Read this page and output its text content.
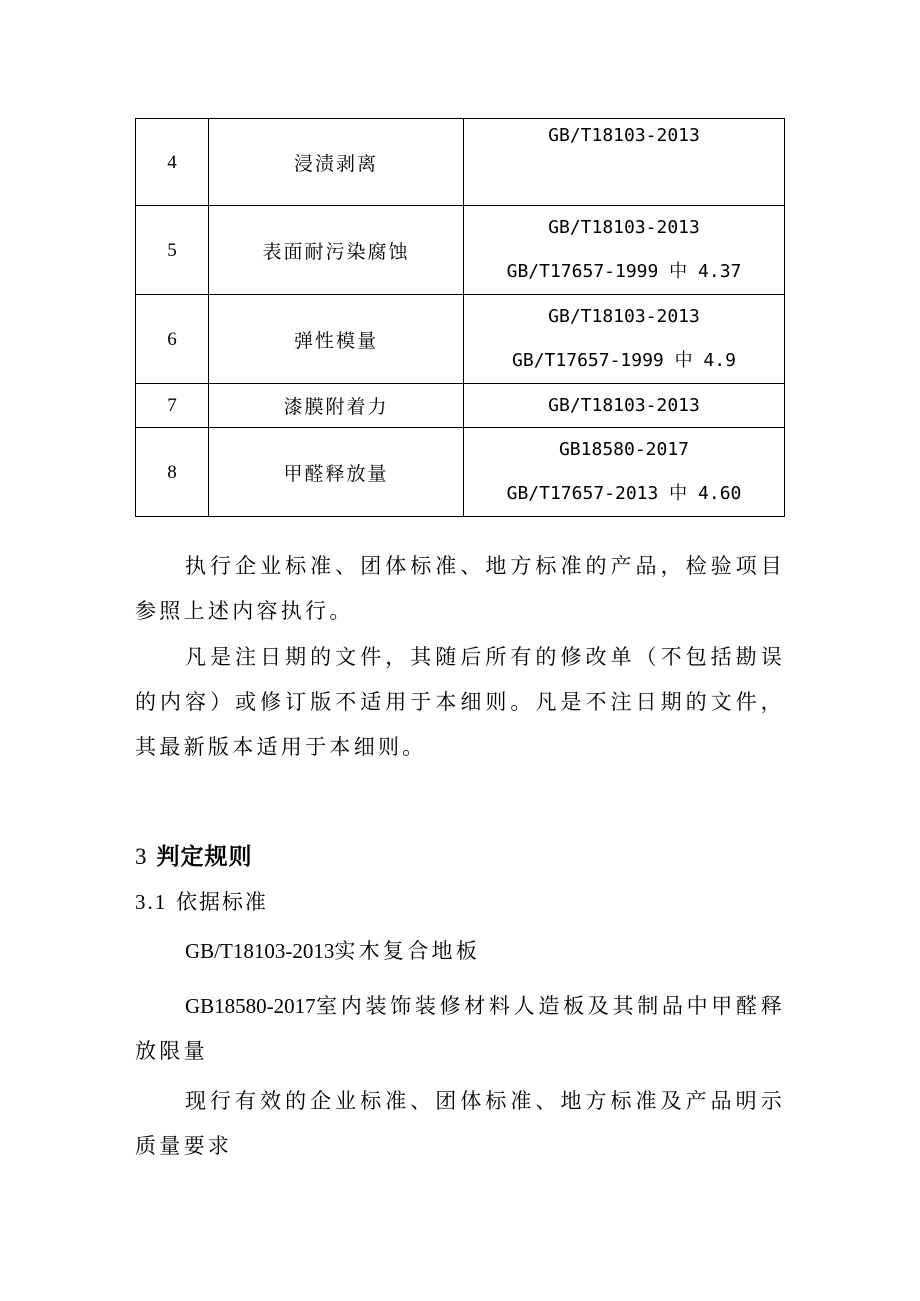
4	浸渍剥离	GB/T18103-2013

5	表面耐污染腐蚀	GB/T18103-2013
GB/T17657-1999 中 4.37

6	弹性模量	GB/T18103-2013
GB/T17657-1999 中 4.9

7	漆膜附着力	GB/T18103-2013

8	甲醛释放量	GB18580-2017
GB/T17657-2013 中 4.60
执行企业标准、团体标准、地方标准的产品，检验项目参照上述内容执行。
凡是注日期的文件，其随后所有的修改单（不包括勘误的内容）或修订版不适用于本细则。凡是不注日期的文件，其最新版本适用于本细则。
3 判定规则
3.1 依据标准
GB/T18103-2013实木复合地板
GB18580-2017室内装饰装修材料人造板及其制品中甲醛释放限量
现行有效的企业标准、团体标准、地方标准及产品明示质量要求
